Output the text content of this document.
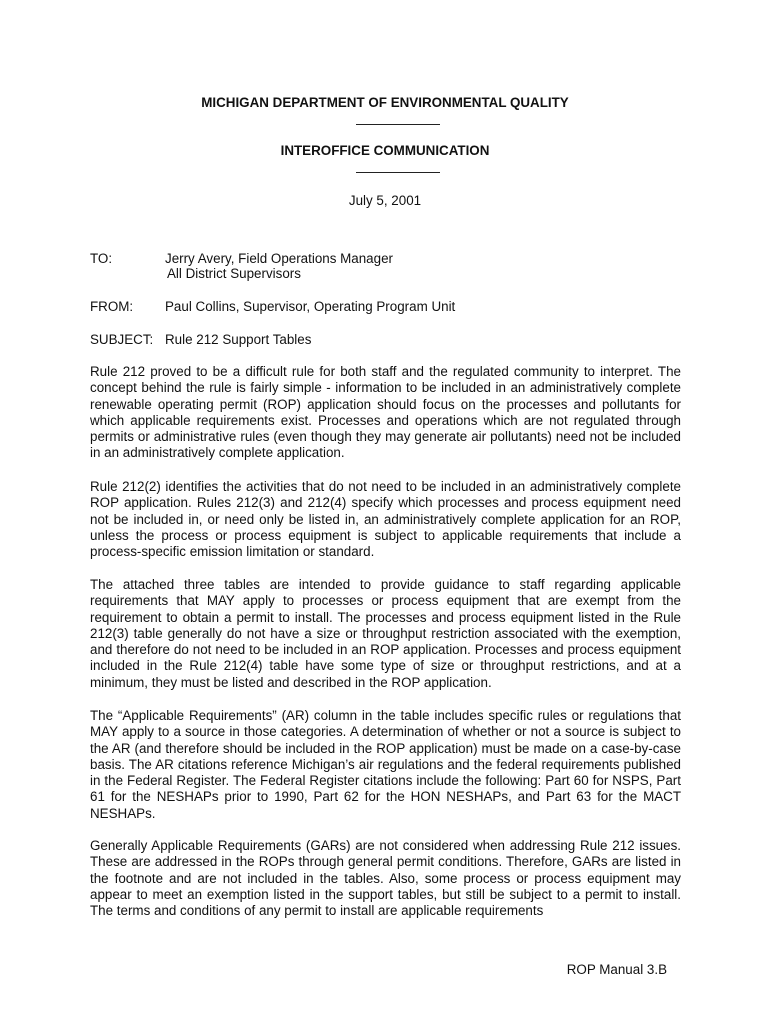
MICHIGAN DEPARTMENT OF ENVIRONMENTAL QUALITY
INTEROFFICE COMMUNICATION
July 5, 2001
TO:	Jerry Avery, Field Operations Manager
All District Supervisors
FROM: Paul Collins, Supervisor, Operating Program Unit
SUBJECT: Rule 212 Support Tables

Rule 212 proved to be a difficult rule for both staff and the regulated community to interpret. The concept behind the rule is fairly simple - information to be included in an administratively complete renewable operating permit (ROP) application should focus on the processes and pollutants for which applicable requirements exist. Processes and operations which are not regulated through permits or administrative rules (even though they may generate air pollutants) need not be included in an administratively complete application.

Rule 212(2) identifies the activities that do not need to be included in an administratively complete ROP application. Rules 212(3) and 212(4) specify which processes and process equipment need not be included in, or need only be listed in, an administratively complete application for an ROP, unless the process or process equipment is subject to applicable requirements that include a process-specific emission limitation or standard.

The attached three tables are intended to provide guidance to staff regarding applicable requirements that MAY apply to processes or process equipment that are exempt from the requirement to obtain a permit to install. The processes and process equipment listed in the Rule 212(3) table generally do not have a size or throughput restriction associated with the exemption, and therefore do not need to be included in an ROP application. Processes and process equipment included in the Rule 212(4) table have some type of size or throughput restrictions, and at a minimum, they must be listed and described in the ROP application.

The “Applicable Requirements” (AR) column in the table includes specific rules or regulations that MAY apply to a source in those categories. A determination of whether or not a source is subject to the AR (and therefore should be included in the ROP application) must be made on a case-by-case basis. The AR citations reference Michigan’s air regulations and the federal requirements published in the Federal Register. The Federal Register citations include the following: Part 60 for NSPS, Part 61 for the NESHAPs prior to 1990, Part 62 for the HON NESHAPs, and Part 63 for the MACT NESHAPs.

Generally Applicable Requirements (GARs) are not considered when addressing Rule 212 issues. These are addressed in the ROPs through general permit conditions. Therefore, GARs are listed in the footnote and are not included in the tables. Also, some process or process equipment may appear to meet an exemption listed in the support tables, but still be subject to a permit to install. The terms and conditions of any permit to install are applicable requirements

ROP Manual 3.B
